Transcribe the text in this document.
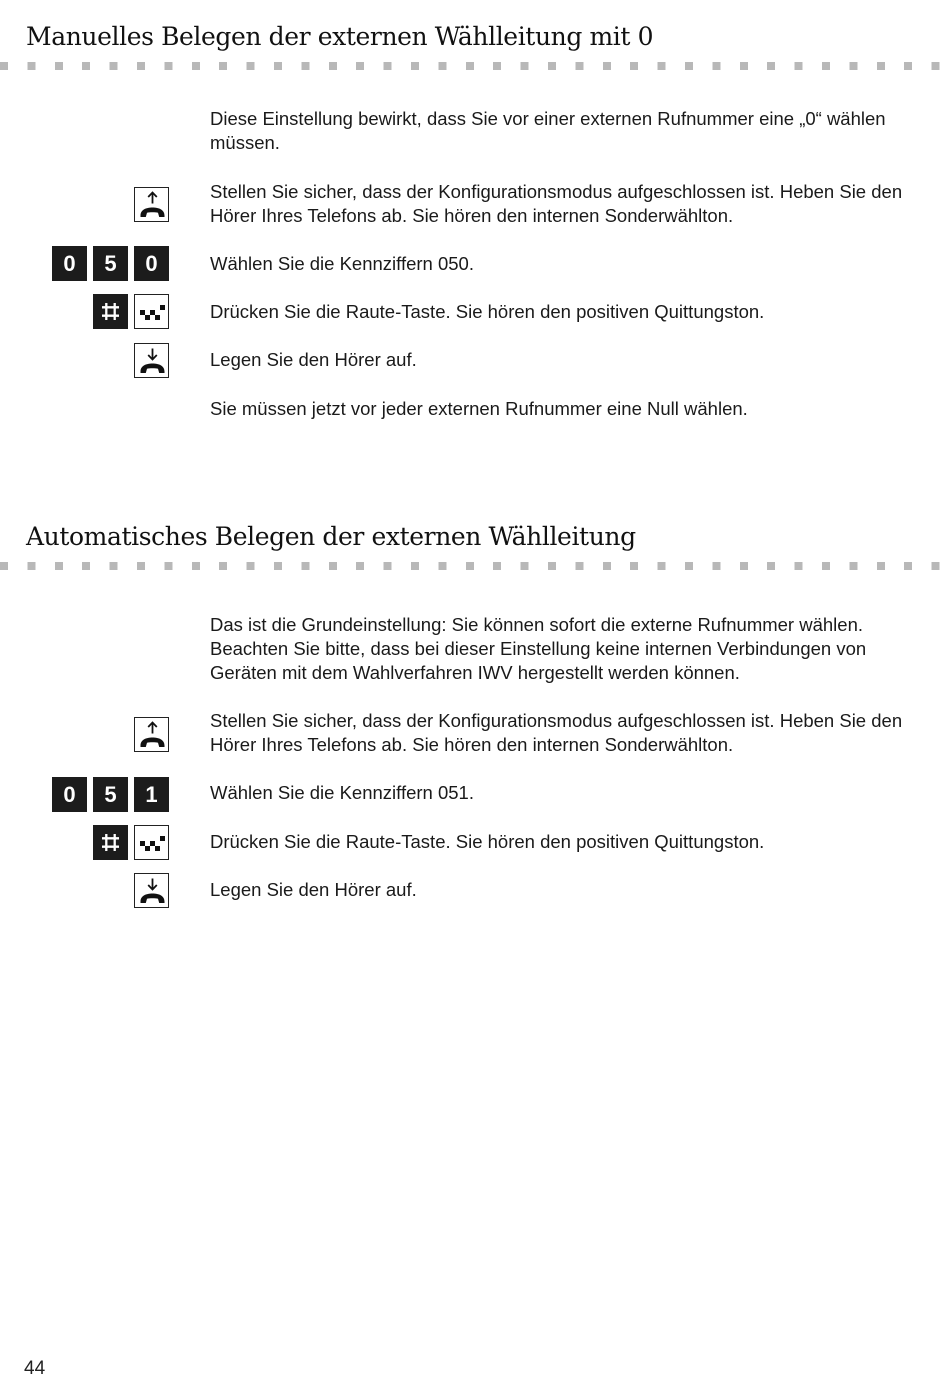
Manuelles Belegen der externen Wählleitung mit 0

Diese Einstellung bewirkt, dass Sie vor einer externen Rufnummer eine „0“ wählen müssen.

Stellen Sie sicher, dass der Konfigurationsmodus aufgeschlossen ist. Heben Sie den Hörer Ihres Telefons ab. Sie hören den internen Sonderwählton.

0	5	0	Wählen Sie die Kennziffern 050.

Drücken Sie die Raute-Taste. Sie hören den positiven Quittungston.

Legen Sie den Hörer auf.

Sie müssen jetzt vor jeder externen Rufnummer eine Null wählen.

Automatisches Belegen der externen Wählleitung

Das ist die Grundeinstellung: Sie können sofort die externe Rufnummer wählen. Beachten Sie bitte, dass bei dieser Einstellung keine internen Verbindungen von Geräten mit dem Wahlverfahren IWV hergestellt werden können.

Stellen Sie sicher, dass der Konfigurationsmodus aufgeschlossen ist. Heben Sie den Hörer Ihres Telefons ab. Sie hören den internen Sonderwählton.

0	5	1	Wählen Sie die Kennziffern 051.

Drücken Sie die Raute-Taste. Sie hören den positiven Quittungston.

Legen Sie den Hörer auf.

44
